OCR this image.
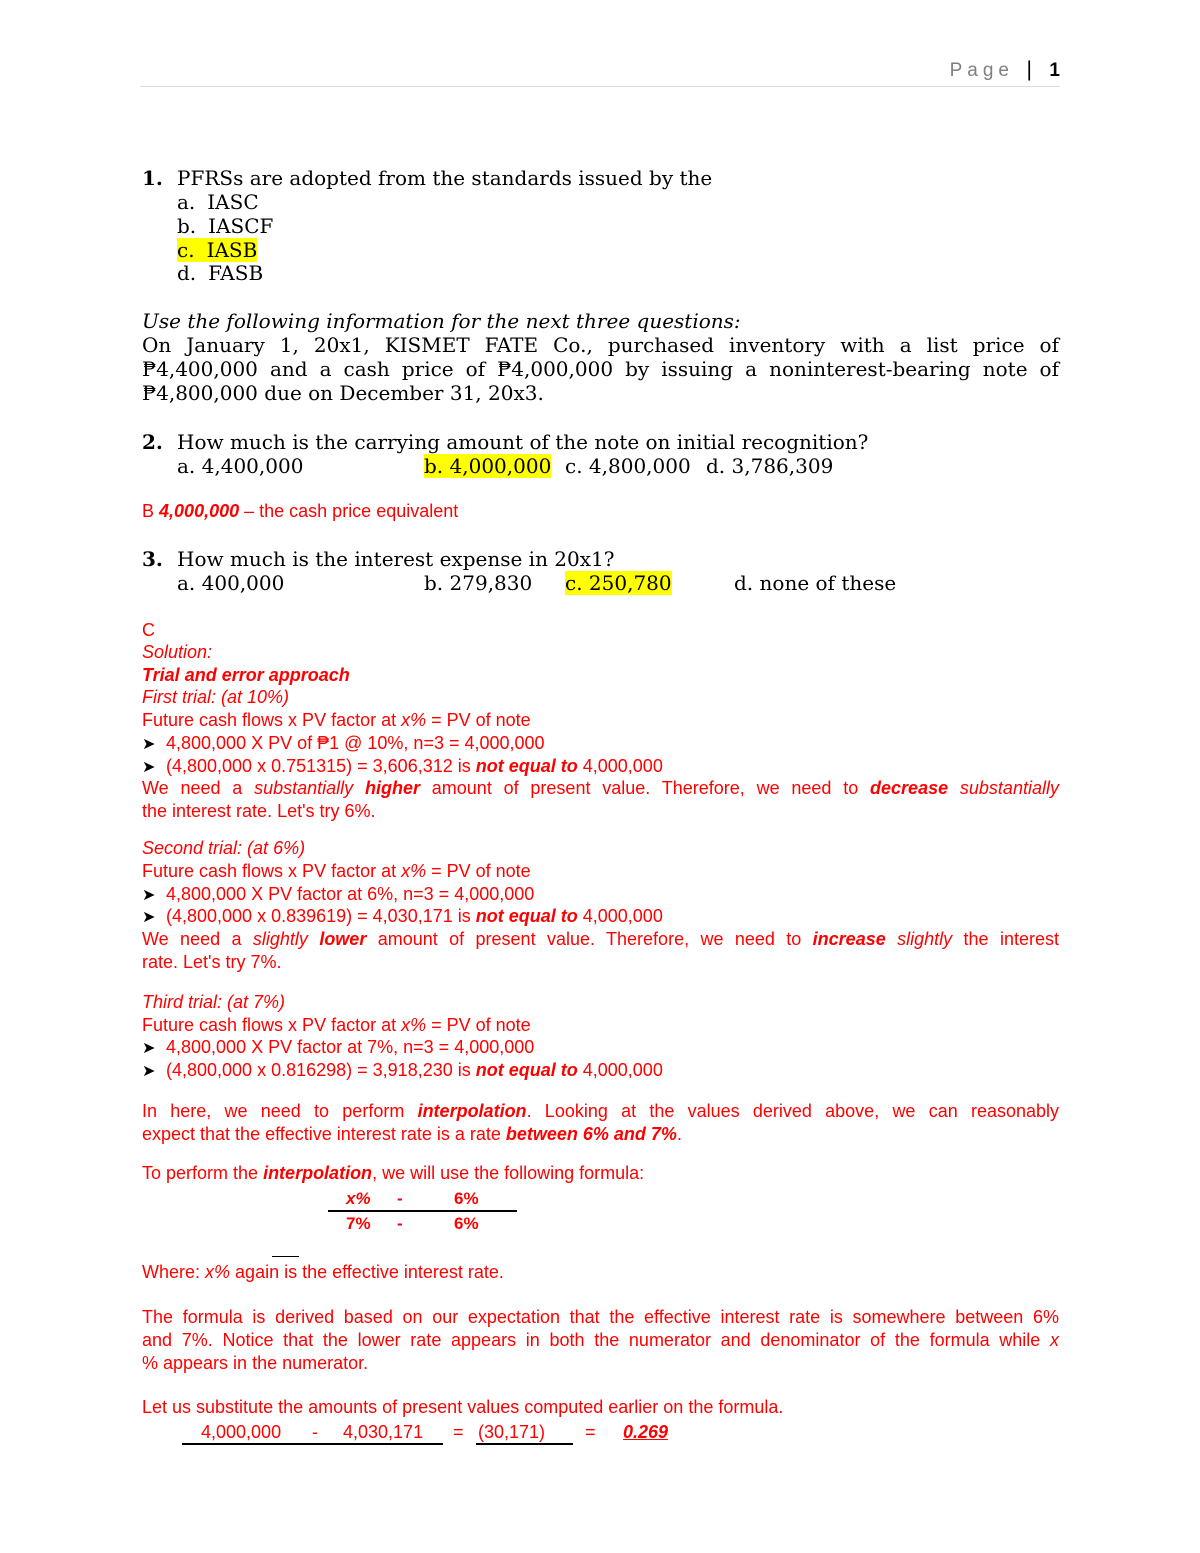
Page | 1
1. PFRSs are adopted from the standards issued by the
a. IASC
b. IASCF
c. IASB
d. FASB
Use the following information for the next three questions:
On January 1, 20x1, KISMET FATE Co., purchased inventory with a list price of
₱4,400,000 and a cash price of ₱4,000,000 by issuing a noninterest-bearing note of
₱4,800,000 due on December 31, 20x3.
2. How much is the carrying amount of the note on initial recognition?
a. 4,400,000	b. 4,000,000 c. 4,800,000 d. 3,786,309
B 4,000,000 – the cash price equivalent
3. How much is the interest expense in 20x1?
a. 400,000	b. 279,830 c. 250,780	d. none of these
C
Solution:
Trial and error approach
First trial: (at 10%)
Future cash flows x PV factor at x% = PV of note
➤ 4,800,000 X PV of ₱1 @ 10%, n=3 = 4,000,000
➤ (4,800,000 x 0.751315) = 3,606,312 is not equal to 4,000,000
We need a substantially higher amount of present value. Therefore, we need to decrease substantially
the interest rate. Let's try 6%.
Second trial: (at 6%)
Future cash flows x PV factor at x% = PV of note
➤ 4,800,000 X PV factor at 6%, n=3 = 4,000,000
➤ (4,800,000 x 0.839619) = 4,030,171 is not equal to 4,000,000
We need a slightly lower amount of present value. Therefore, we need to increase slightly the interest
rate. Let's try 7%.
Third trial: (at 7%)
Future cash flows x PV factor at x% = PV of note
➤ 4,800,000 X PV factor at 7%, n=3 = 4,000,000
➤ (4,800,000 x 0.816298) = 3,918,230 is not equal to 4,000,000
In here, we need to perform interpolation. Looking at the values derived above, we can reasonably
expect that the effective interest rate is a rate between 6% and 7%.
To perform the interpolation, we will use the following formula:
x% -	6%
7% -	6%
Where: x% again is the effective interest rate.
The formula is derived based on our expectation that the effective interest rate is somewhere between 6%
and 7%. Notice that the lower rate appears in both the numerator and denominator of the formula while x
% appears in the numerator.
Let us substitute the amounts of present values computed earlier on the formula.
4,000,000 - 4,030,171 = (30,171) = 0.269
